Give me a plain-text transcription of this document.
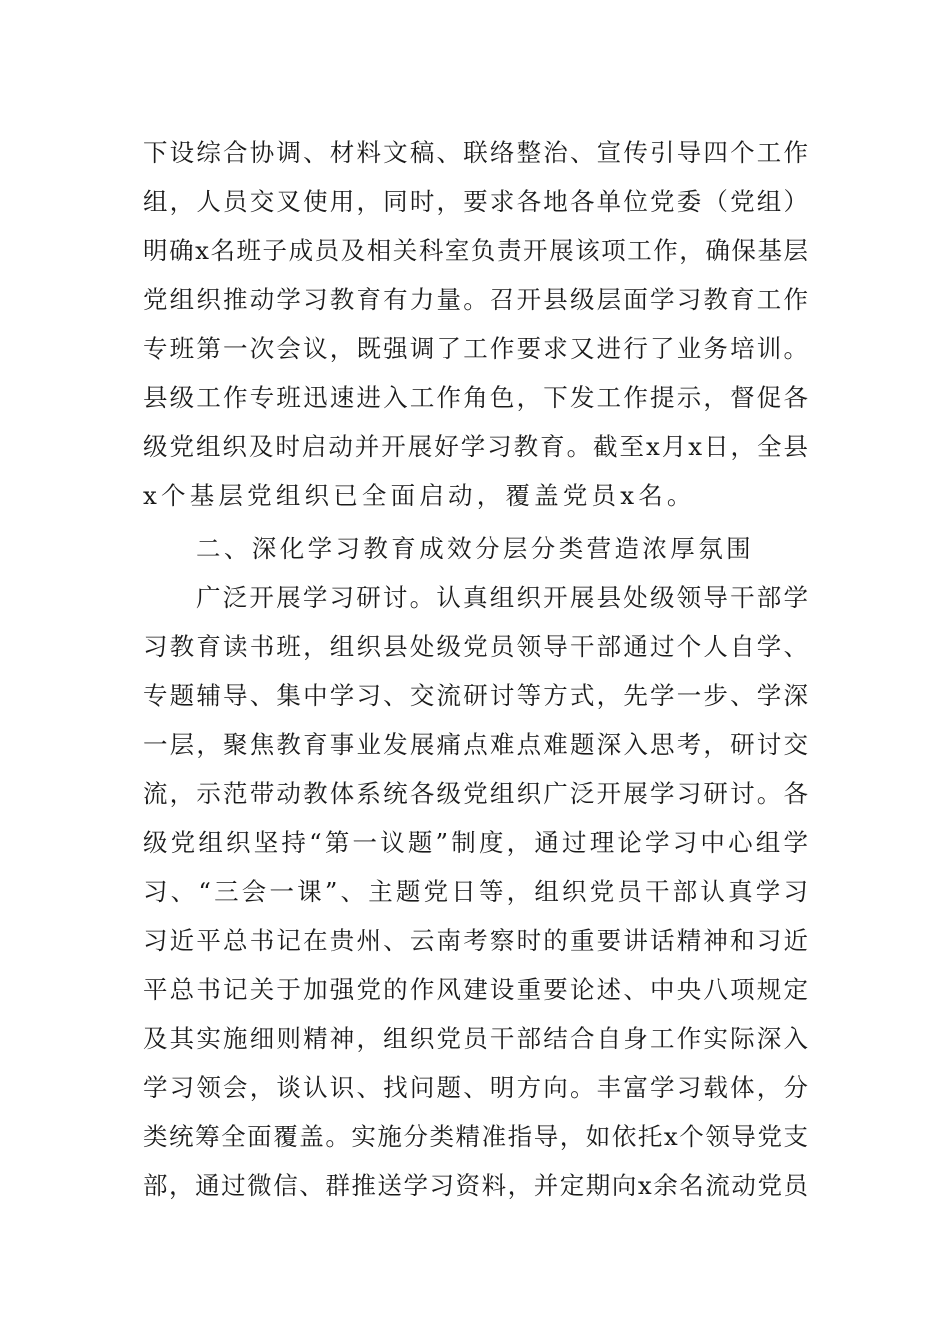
下设综合协调、材料文稿、联络整治、宣传引导四个工作
组，人员交叉使用，同时，要求各地各单位党委（党组）
明确x名班子成员及相关科室负责开展该项工作，确保基层
党组织推动学习教育有力量。召开县级层面学习教育工作
专班第一次会议，既强调了工作要求又进行了业务培训。
县级工作专班迅速进入工作角色，下发工作提示，督促各
级党组织及时启动并开展好学习教育。截至x月x日，全县
x个基层党组织已全面启动，覆盖党员x名。
二、深化学习教育成效分层分类营造浓厚氛围
广泛开展学习研讨。认真组织开展县处级领导干部学
习教育读书班，组织县处级党员领导干部通过个人自学、
专题辅导、集中学习、交流研讨等方式，先学一步、学深
一层，聚焦教育事业发展痛点难点难题深入思考，研讨交
流，示范带动教体系统各级党组织广泛开展学习研讨。各
级党组织坚持“第一议题”制度，通过理论学习中心组学
习、“三会一课”、主题党日等，组织党员干部认真学习
习近平总书记在贵州、云南考察时的重要讲话精神和习近
平总书记关于加强党的作风建设重要论述、中央八项规定
及其实施细则精神，组织党员干部结合自身工作实际深入
学习领会，谈认识、找问题、明方向。丰富学习载体，分
类统筹全面覆盖。实施分类精准指导，如依托x个领导党支
部，通过微信、群推送学习资料，并定期向x余名流动党员
